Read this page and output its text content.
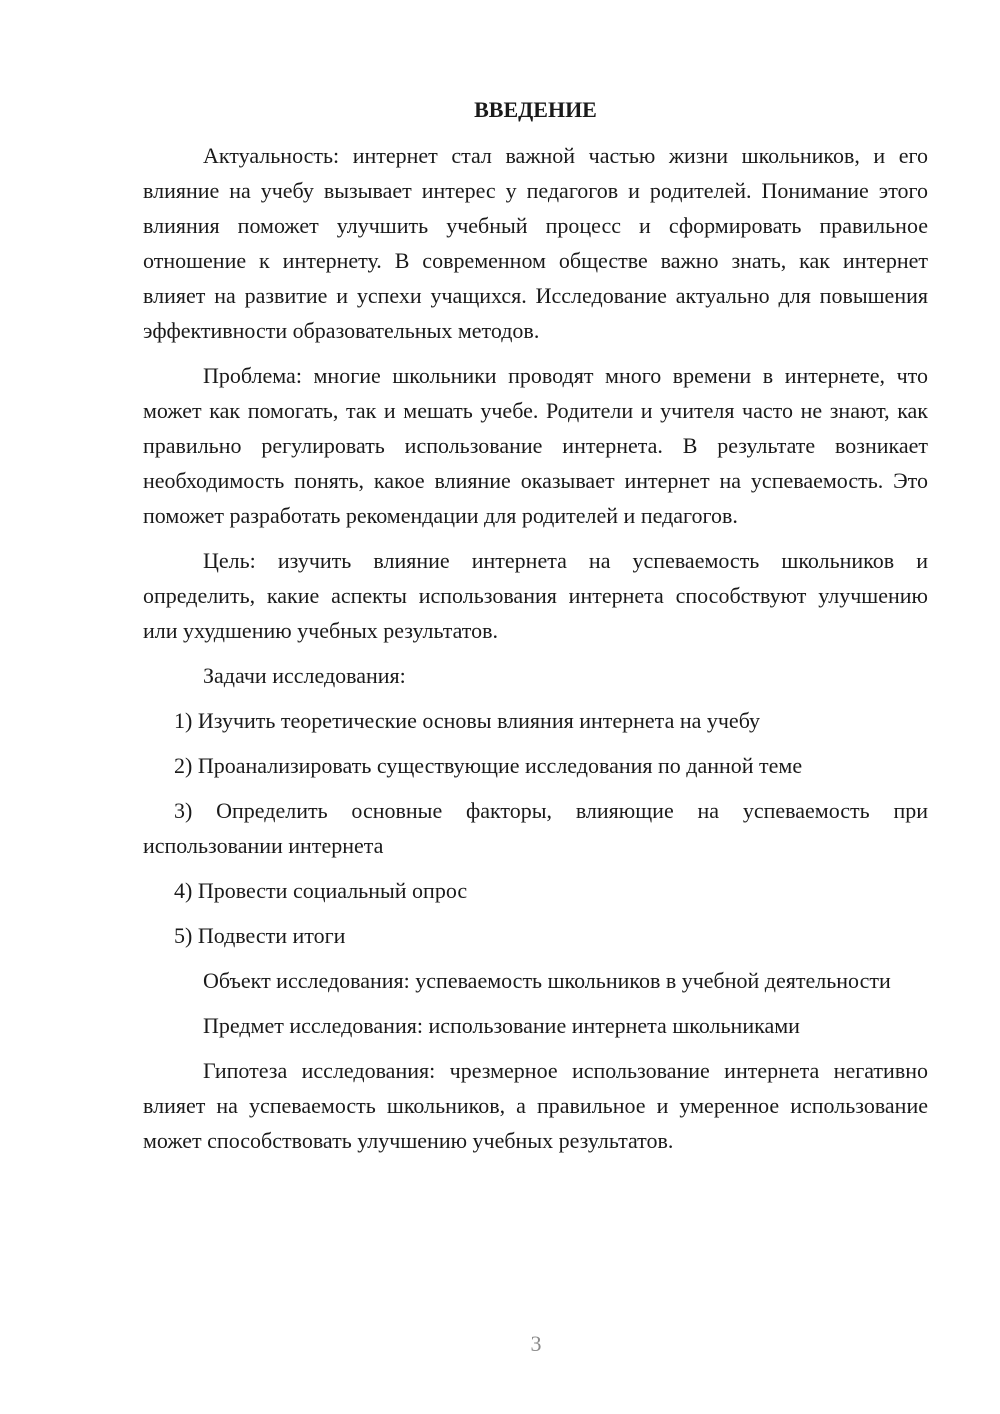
ВВЕДЕНИЕ

Актуальность: интернет стал важной частью жизни школьников, и его влияние на учебу вызывает интерес у педагогов и родителей. Понимание этого влияния поможет улучшить учебный процесс и сформировать правильное отношение к интернету. В современном обществе важно знать, как интернет влияет на развитие и успехи учащихся. Исследование актуально для повышения эффективности образовательных методов.

Проблема: многие школьники проводят много времени в интернете, что может как помогать, так и мешать учебе. Родители и учителя часто не знают, как правильно регулировать использование интернета. В результате возникает необходимость понять, какое влияние оказывает интернет на успеваемость. Это поможет разработать рекомендации для родителей и педагогов.

Цель: изучить влияние интернета на успеваемость школьников и определить, какие аспекты использования интернета способствуют улучшению или ухудшению учебных результатов.

Задачи исследования:

1) Изучить теоретические основы влияния интернета на учебу

2) Проанализировать существующие исследования по данной теме

3) Определить основные факторы, влияющие на успеваемость при использовании интернета

4) Провести социальный опрос

5) Подвести итоги

Объект исследования: успеваемость школьников в учебной деятельности

Предмет исследования: использование интернета школьниками

Гипотеза исследования: чрезмерное использование интернета негативно влияет на успеваемость школьников, а правильное и умеренное использование может способствовать улучшению учебных результатов.

3
